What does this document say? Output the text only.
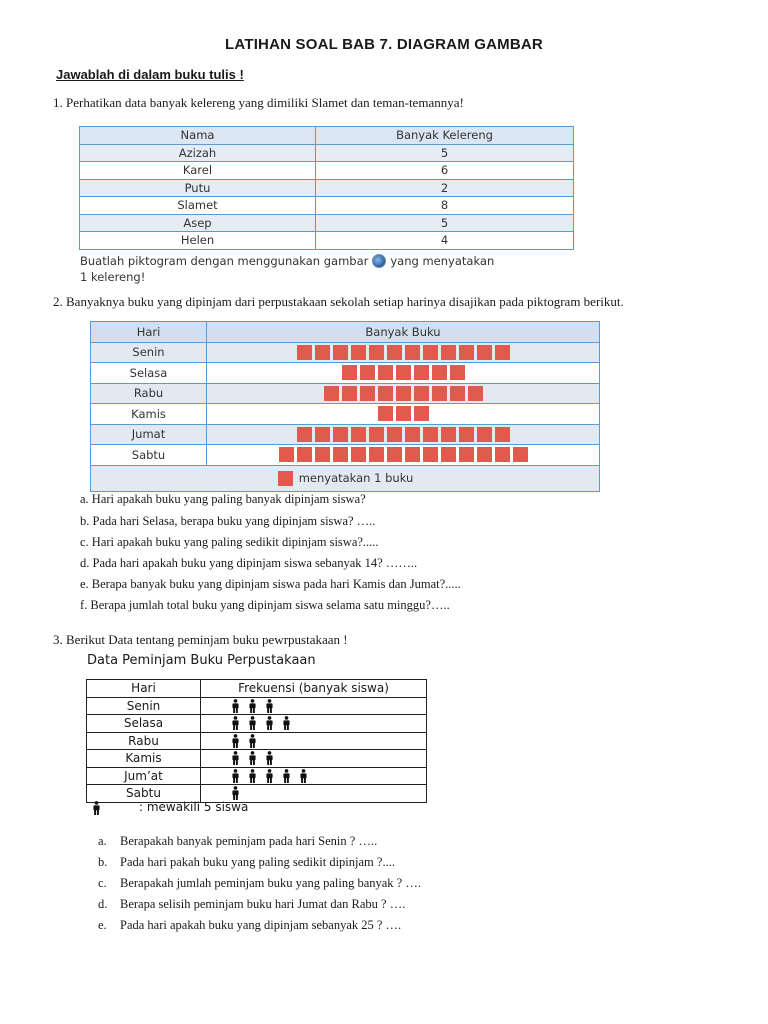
LATIHAN SOAL BAB 7. DIAGRAM GAMBAR
Jawablah di dalam buku tulis !
1. Perhatikan data banyak kelereng yang dimiliki Slamet dan teman-temannya!
Nama	Banyak Kelereng
Azizah	5
Karel	6
Putu	2
Slamet	8
Asep	5
Helen	4
Buatlah piktogram dengan menggunakan gambar yang menyatakan
1 kelereng!
2. Banyaknya buku yang dipinjam dari perpustakaan sekolah setiap harinya disajikan pada piktogram berikut.
Hari	Banyak Buku
Senin	
Selasa	
Rabu	
Kamis	
Jumat	
Sabtu	
menyatakan 1 buku	
a. Hari apakah buku yang paling banyak dipinjam siswa?
b. Pada hari Selasa, berapa buku yang dipinjam siswa? …..
c. Hari apakah buku yang paling sedikit dipinjam siswa?.....
d. Pada hari apakah buku yang dipinjam siswa sebanyak 14? ……..
e. Berapa banyak buku yang dipinjam siswa pada hari Kamis dan Jumat?.....
f. Berapa jumlah total buku yang dipinjam siswa selama satu minggu?…..
3. Berikut Data tentang peminjam buku pewrpustakaan !
Data Peminjam Buku Perpustakaan
Hari	Frekuensi (banyak siswa)
Senin	
Selasa	
Rabu	
Kamis	
Jum’at	
Sabtu	
: mewakili 5 siswa
a. Berapakah banyak peminjam pada hari Senin ? …..
b. Pada hari pakah buku yang paling sedikit dipinjam ?....
c. Berapakah jumlah peminjam buku yang paling banyak ? ….
d. Berapa selisih peminjam buku hari Jumat dan Rabu ? ….
e. Pada hari apakah buku yang dipinjam sebanyak 25 ? ….
